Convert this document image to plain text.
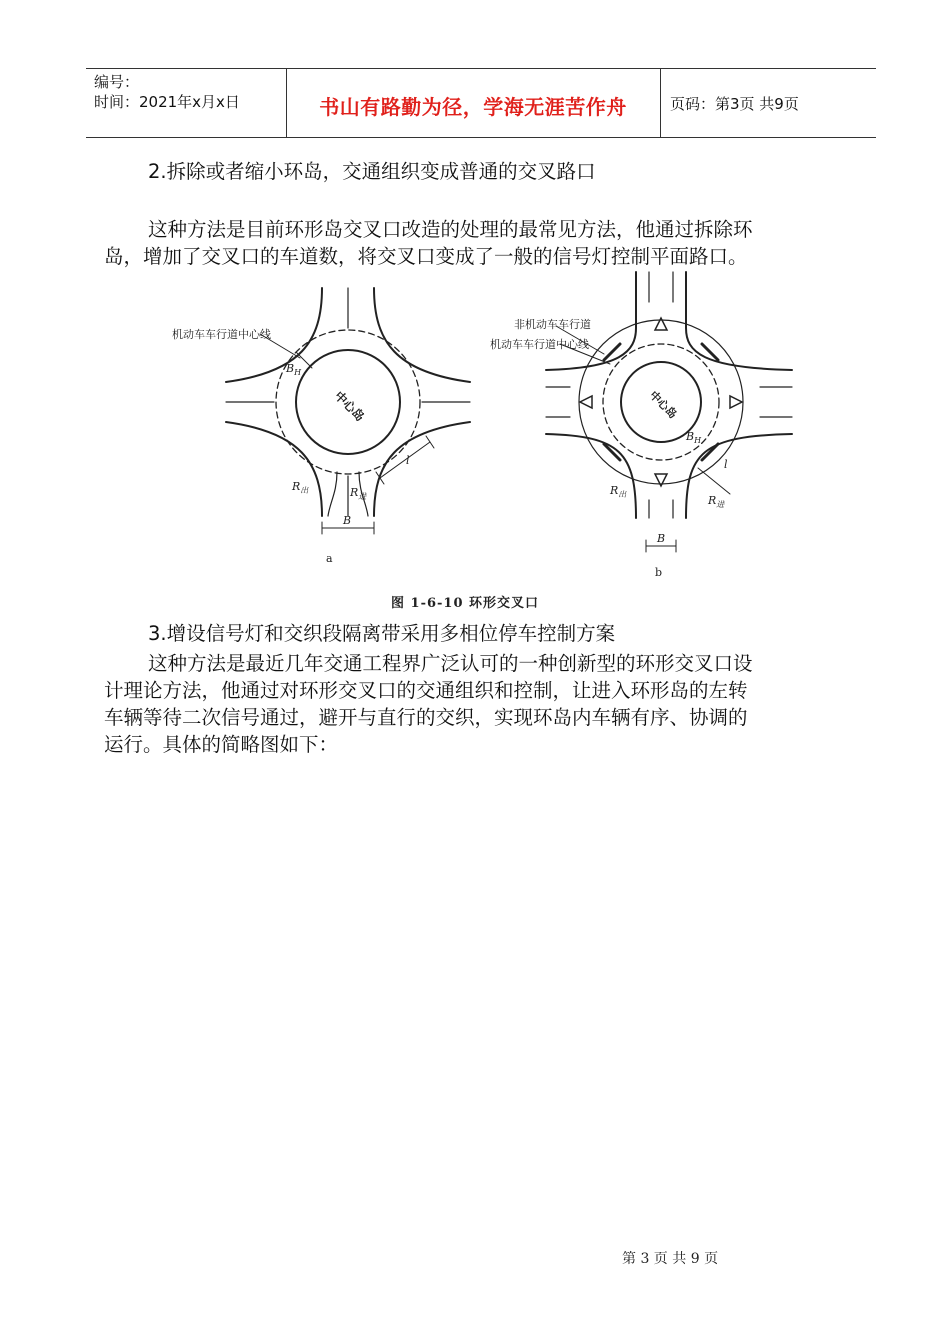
编号：
时间：2021年x月x日	书山有路勤为径，学海无涯苦作舟	页码：第3页 共9页
2.拆除或者缩小环岛，交通组织变成普通的交叉路口
这种方法是目前环形岛交叉口改造的处理的最常见方法，他通过拆除环
岛，增加了交叉口的车道数，将交叉口变成了一般的信号灯控制平面路口。
机动车车行道中心线
中心岛
$B_H$
l
$R_出$	$R_进$
B
a
非机动车车行道
机动车车行道中心线
中心岛
$B_H$
l
$R_出$	$R_进$
B
b
图 1-6-10 环形交叉口
3.增设信号灯和交织段隔离带采用多相位停车控制方案
这种方法是最近几年交通工程界广泛认可的一种创新型的环形交叉口设
计理论方法，他通过对环形交叉口的交通组织和控制，让进入环形岛的左转
车辆等待二次信号通过，避开与直行的交织，实现环岛内车辆有序、协调的
运行。具体的简略图如下：
第 3 页 共 9 页
